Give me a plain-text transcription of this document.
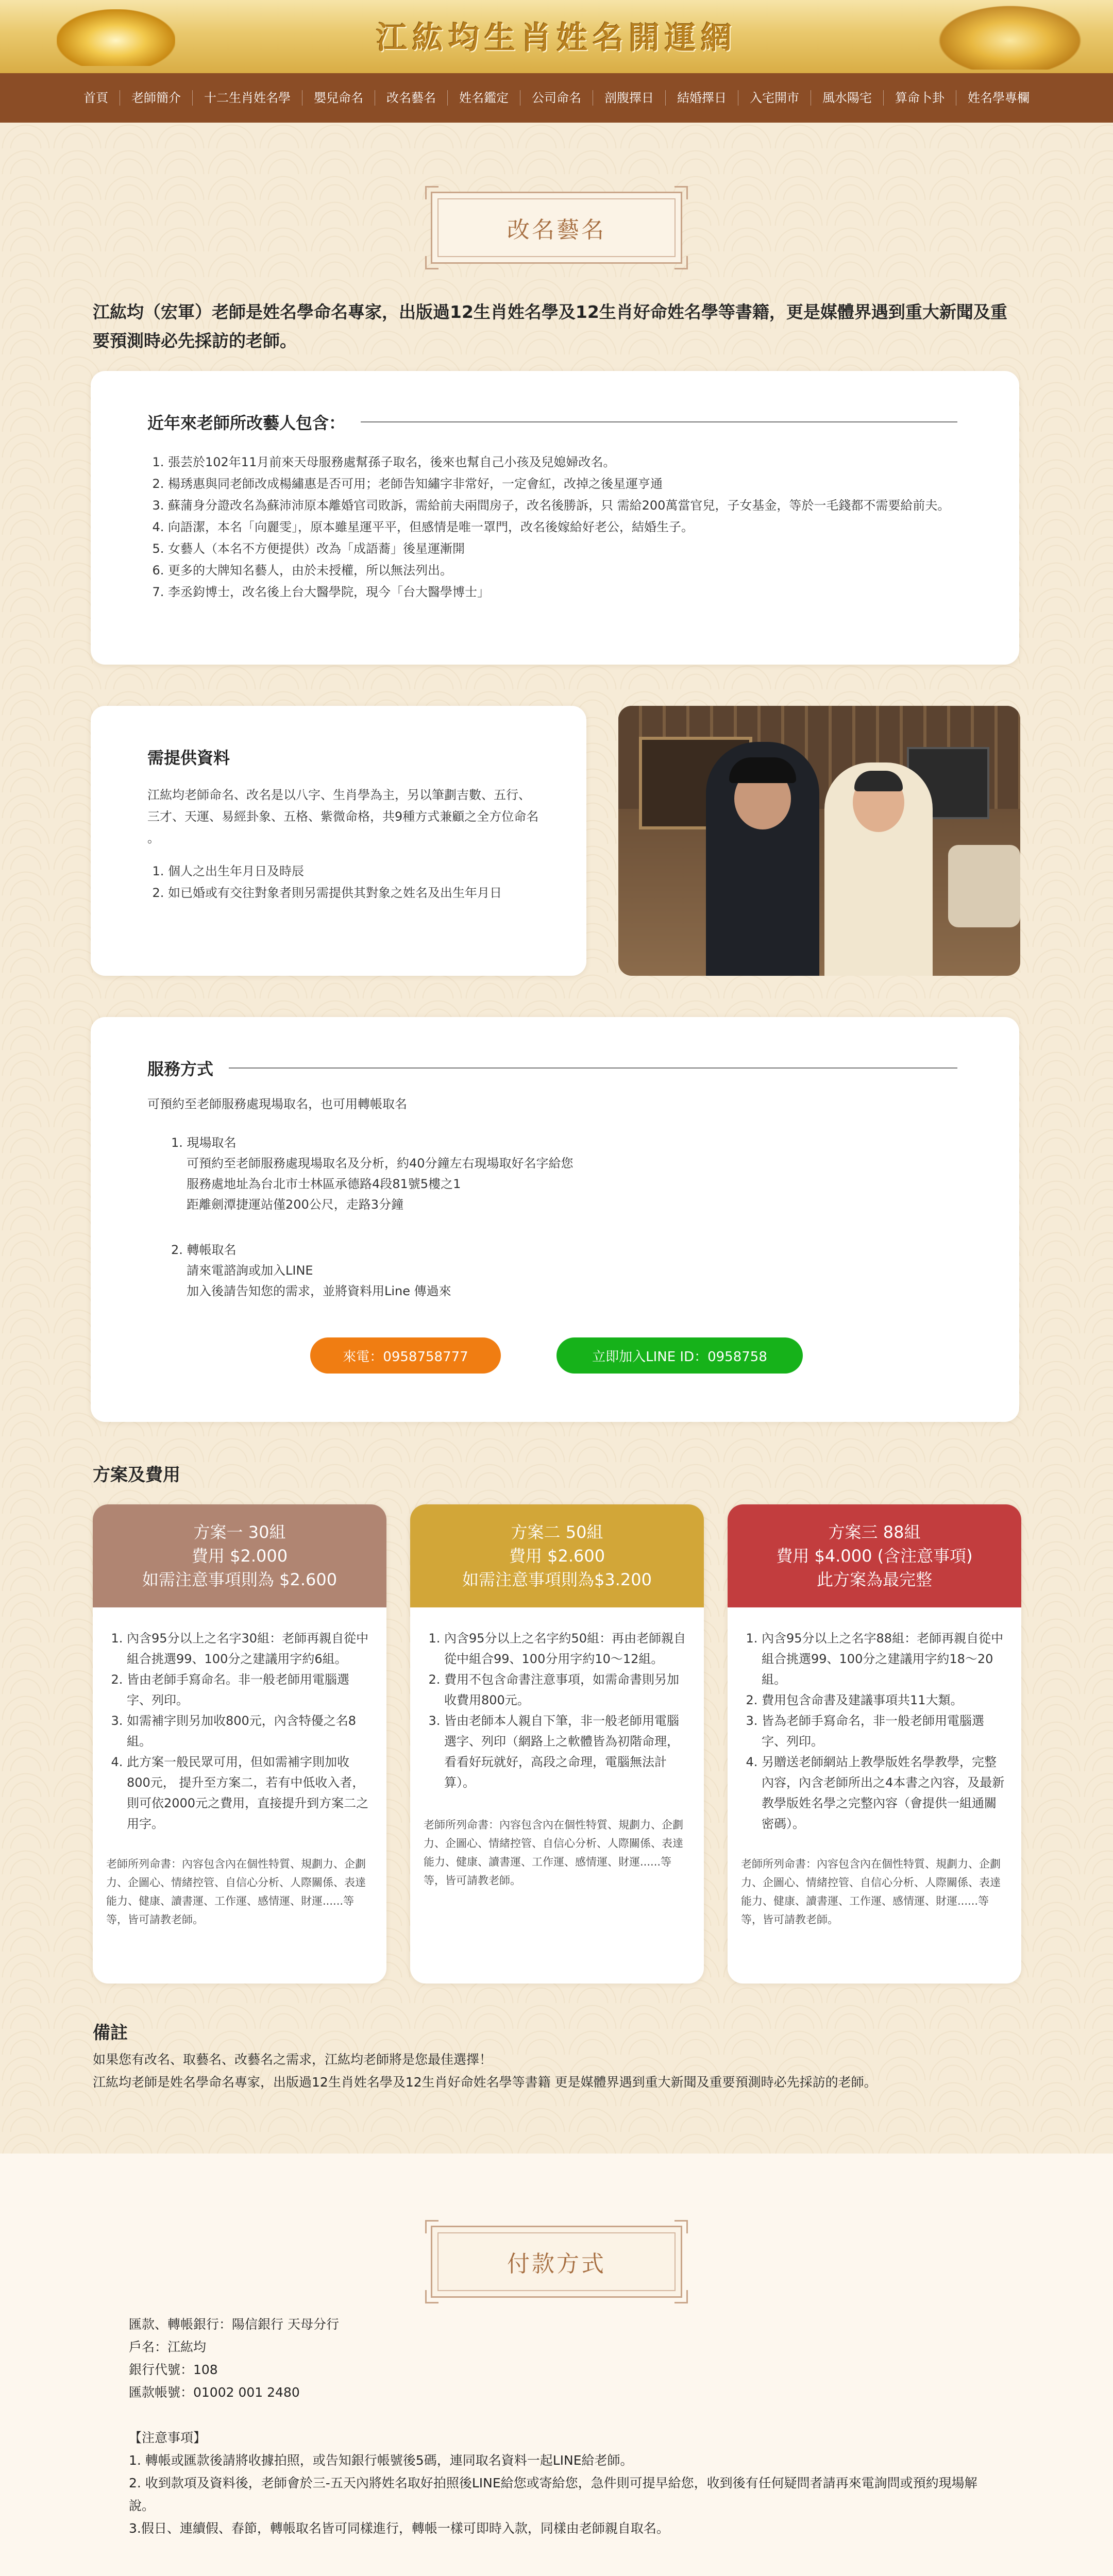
江紘均生肖姓名開運網
首頁	老師簡介	十二生肖姓名學	嬰兒命名	改名藝名	姓名鑑定	公司命名	剖腹擇日	結婚擇日	入宅開市	風水陽宅	算命卜卦	姓名學專欄
改名藝名
江紘均（宏軍）老師是姓名學命名專家，出版過12生肖姓名學及12生肖好命姓名學等書籍，更是媒體界遇到重大新聞及重要預測時必先採訪的老師。
近年來老師所改藝人包含：
1. 張芸於102年11月前來天母服務處幫孫子取名，後來也幫自己小孩及兒媳婦改名。
2. 楊琇惠與同老師改成楊繡惠是否可用；老師告知繡字非常好，一定會紅，改掉之後星運亨通
3. 蘇蒲身分證改名為蘇沛沛原本離婚官司敗訴，需給前夫兩間房子，改名後勝訴，只 需給200萬當官兒，子女基金，等於一毛錢都不需要給前夫。
4. 向語潔，本名「向麗雯」，原本雖星運平平，但感情是唯一罩門，改名後嫁給好老公，結婚生子。
5. 女藝人（本名不方便提供）改為「成語蕎」後星運漸開
6. 更多的大牌知名藝人，由於未授權，所以無法列出。
7. 李丞鈞博士，改名後上台大醫學院，現今「台大醫學博士」
需提供資料

江紘均老師命名、改名是以八字、生肖學為主，另以筆劃吉數、五行、三才、天運、易經卦象、五格、紫微命格，共9種方式兼顧之全方位命名 。

1. 個人之出生年月日及時辰
2. 如已婚或有交往對象者則另需提供其對象之姓名及出生年月日
服務方式

可預約至老師服務處現場取名，也可用轉帳取名

1. 現場取名
可預約至老師服務處現場取名及分析，約40分鐘左右現場取好名字給您
服務處地址為台北市士林區承德路4段81號5樓之1
距離劍潭捷運站僅200公尺，走路3分鐘
2. 轉帳取名
請來電諮詢或加入LINE
加入後請告知您的需求，並將資料用Line 傳過來
來電：0958758777	立即加入LINE ID：0958758
方案及費用
方案一 30組
費用 $2.000
如需注意事項則為 $2.600
1. 內含95分以上之名字30組：老師再親自從中組合挑選99、100分之建議用字約6組。
2. 皆由老師手寫命名。非一般老師用電腦選字、列印。
3. 如需補字則另加收800元，內含特優之名8組。
4. 此方案一般民眾可用，但如需補字則加收800元， 提升至方案二，若有中低收入者，則可依2000元之費用，直接提升到方案二之用字。
老師所列命書：內容包含內在個性特質、規劃力、企劃力、企圖心、情緒控管、自信心分析、人際關係、表達能力、健康、讀書運、工作運、感情運、財運......等等，皆可請教老師。
方案二 50組
費用 $2.600
如需注意事項則為$3.200
1. 內含95分以上之名字約50組：再由老師親自從中組合99、100分用字約10～12組。
2. 費用不包含命書注意事項，如需命書則另加收費用800元。
3. 皆由老師本人親自下筆，非一般老師用電腦選字、列印（網路上之軟體皆為初階命理，看看好玩就好，高段之命理，電腦無法計算）。
老師所列命書：內容包含內在個性特質、規劃力、企劃力、企圖心、情緒控管、自信心分析、人際關係、表達能力、健康、讀書運、工作運、感情運、財運......等等，皆可請教老師。
方案三 88組
費用 $4.000 (含注意事項)
此方案為最完整
1. 內含95分以上之名字88組：老師再親自從中組合挑選99、100分之建議用字約18～20組。
2. 費用包含命書及建議事項共11大類。
3. 皆為老師手寫命名，非一般老師用電腦選字、列印。
4. 另贈送老師網站上教學版姓名學教學，完整內容，內含老師所出之4本書之內容，及最新教學版姓名學之完整內容（會提供一組通關密碼）。
老師所列命書：內容包含內在個性特質、規劃力、企劃力、企圖心、情緒控管、自信心分析、人際關係、表達能力、健康、讀書運、工作運、感情運、財運......等等，皆可請教老師。
備註
如果您有改名、取藝名、改藝名之需求，江紘均老師將是您最佳選擇！
江紘均老師是姓名學命名專家，出版過12生肖姓名學及12生肖好命姓名學等書籍 更是媒體界遇到重大新聞及重要預測時必先採訪的老師。
付款方式
匯款、轉帳銀行：陽信銀行 天母分行
戶名：江紘均
銀行代號：108
匯款帳號：01002 001 2480
【注意事項】
1. 轉帳或匯款後請將收據拍照，或告知銀行帳號後5碼，連同取名資料一起LINE給老師。
2. 收到款項及資料後，老師會於三-五天內將姓名取好拍照後LINE給您或寄給您，急件則可提早給您，收到後有任何疑問者請再來電詢問或預約現場解說。
3.假日、連續假、春節，轉帳取名皆可同樣進行，轉帳一樣可即時入款，同樣由老師親自取名。
